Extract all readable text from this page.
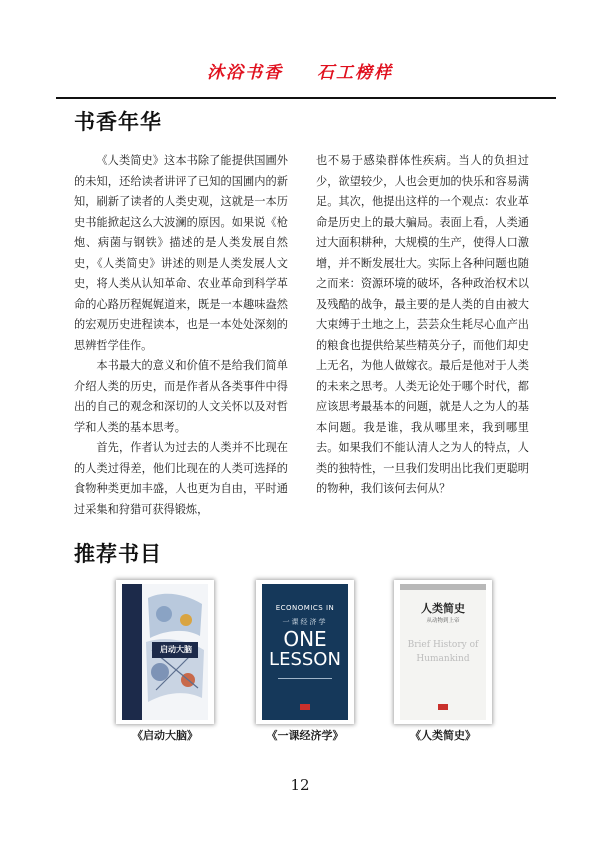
沐浴书香 石工榜样
书香年华

《人类简史》这本书除了能提供国圃外的未知，还给读者讲评了已知的国圃内的新知，刷新了读者的人类史观，这就是一本历史书能掀起这么大波澜的原因。如果说《枪炮、病菌与钢铁》描述的是人类发展自然史，《人类简史》讲述的则是人类发展人文史，将人类从认知革命、农业革命到科学革命的心路历程娓娓道来，既是一本趣味盎然的宏观历史进程读本，也是一本处处深刻的思辨哲学佳作。

本书最大的意义和价值不是给我们简单介绍人类的历史，而是作者从各类事件中得出的自己的观念和深切的人文关怀以及对哲学和人类的基本思考。

首先，作者认为过去的人类并不比现在的人类过得差，他们比现在的人类可选择的食物种类更加丰盛，人也更为自由，平时通过采集和狩猎可获得锻炼，

也不易于感染群体性疾病。当人的负担过少，欲望较少，人也会更加的快乐和容易满足。其次，他提出这样的一个观点：农业革命是历史上的最大骗局。表面上看，人类通过大面积耕种，大规模的生产，使得人口激增，并不断发展壮大。实际上各种问题也随之而来：资源环境的破坏，各种政治权术以及残酷的战争，最主要的是人类的自由被大大束缚于土地之上，芸芸众生耗尽心血产出的粮食也提供给某些精英分子，而他们却史上无名，为他人做嫁衣。最后是他对于人类的未来之思考。人类无论处于哪个时代，都应该思考最基本的问题，就是人之为人的基本问题。我是谁，我从哪里来，我到哪里去。如果我们不能认清人之为人的特点，人类的独特性，一旦我们发明出比我们更聪明的物种，我们该何去何从？

推荐书目
启动大脑
ECONOMICS IN
一课经济学
ONE
LESSON
人类简史
从动物到上帝
Brief History of
Humankind
《启动大脑》	《一课经济学》	《人类简史》
12
